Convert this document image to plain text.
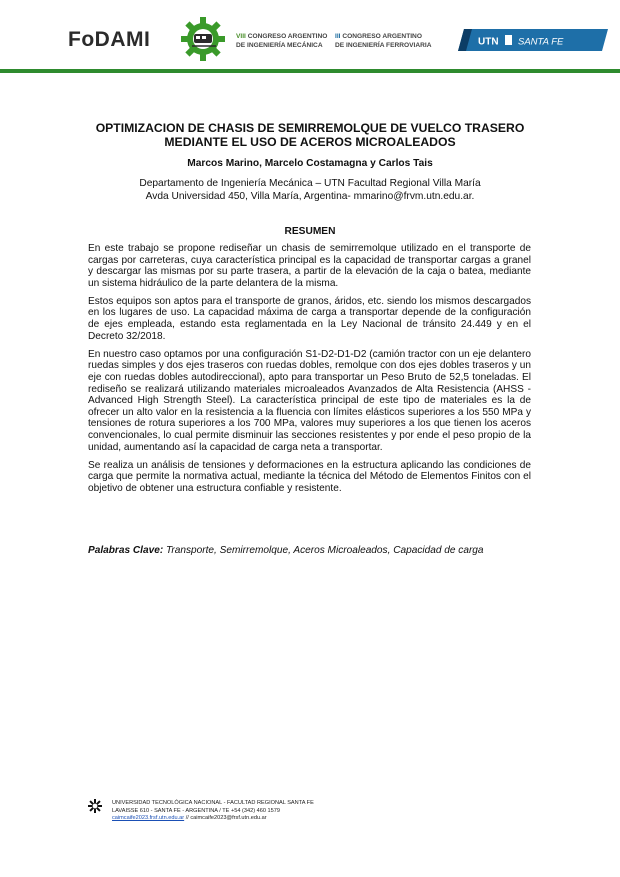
FoDAMI	VIII CONGRESO ARGENTINO
DE INGENIERÍA MECÁNICA
III CONGRESO ARGENTINO
DE INGENIERÍA FERROVIARIA	UTN SANTA FE
OPTIMIZACION DE CHASIS DE SEMIRREMOLQUE DE VUELCO TRASERO
MEDIANTE EL USO DE ACEROS MICROALEADOS
Marcos Marino, Marcelo Costamagna y Carlos Tais
Departamento de Ingeniería Mecánica – UTN Facultad Regional Villa María
Avda Universidad 450, Villa María, Argentina- mmarino@frvm.utn.edu.ar.
RESUMEN

En este trabajo se propone rediseñar un chasis de semirremolque utilizado en el transporte de cargas por carreteras, cuya característica principal es la capacidad de transportar cargas a granel y descargar las mismas por su parte trasera, a partir de la elevación de la caja o batea, mediante un sistema hidráulico de la parte delantera de la misma.

Estos equipos son aptos para el transporte de granos, áridos, etc. siendo los mismos descargados en los lugares de uso. La capacidad máxima de carga a transportar depende de la configuración de ejes empleada, estando esta reglamentada en la Ley Nacional de tránsito 24.449 y en el Decreto 32/2018.

En nuestro caso optamos por una configuración S1-D2-D1-D2 (camión tractor con un eje delantero ruedas simples y dos ejes traseros con ruedas dobles, remolque con dos ejes dobles traseros y un eje con ruedas dobles autodireccional), apto para transportar un Peso Bruto de 52,5 toneladas. El rediseño se realizará utilizando materiales microaleados Avanzados de Alta Resistencia (AHSS - Advanced High Strength Steel). La característica principal de este tipo de materiales es la de ofrecer un alto valor en la resistencia a la fluencia con límites elásticos superiores a los 550 MPa y tensiones de rotura superiores a los 700 MPa, valores muy superiores a los que tienen los aceros convencionales, lo cual permite disminuir las secciones resistentes y por ende el peso propio de la unidad, aumentando así la capacidad de carga neta a transportar.

Se realiza un análisis de tensiones y deformaciones en la estructura aplicando las condiciones de carga que permite la normativa actual, mediante la técnica del Método de Elementos Finitos con el objetivo de obtener una estructura confiable y resistente.

Palabras Clave: Transporte, Semirremolque, Aceros Microaleados, Capacidad de carga
UNIVERSIDAD TECNOLÓGICA NACIONAL - FACULTAD REGIONAL SANTA FE
LAVAISSE 610 - SANTA FE - ARGENTINA / TE +54 (342) 460 1579
caimcaife2023.frsf.utn.edu.ar // caimcaife2023@frsf.utn.edu.ar
